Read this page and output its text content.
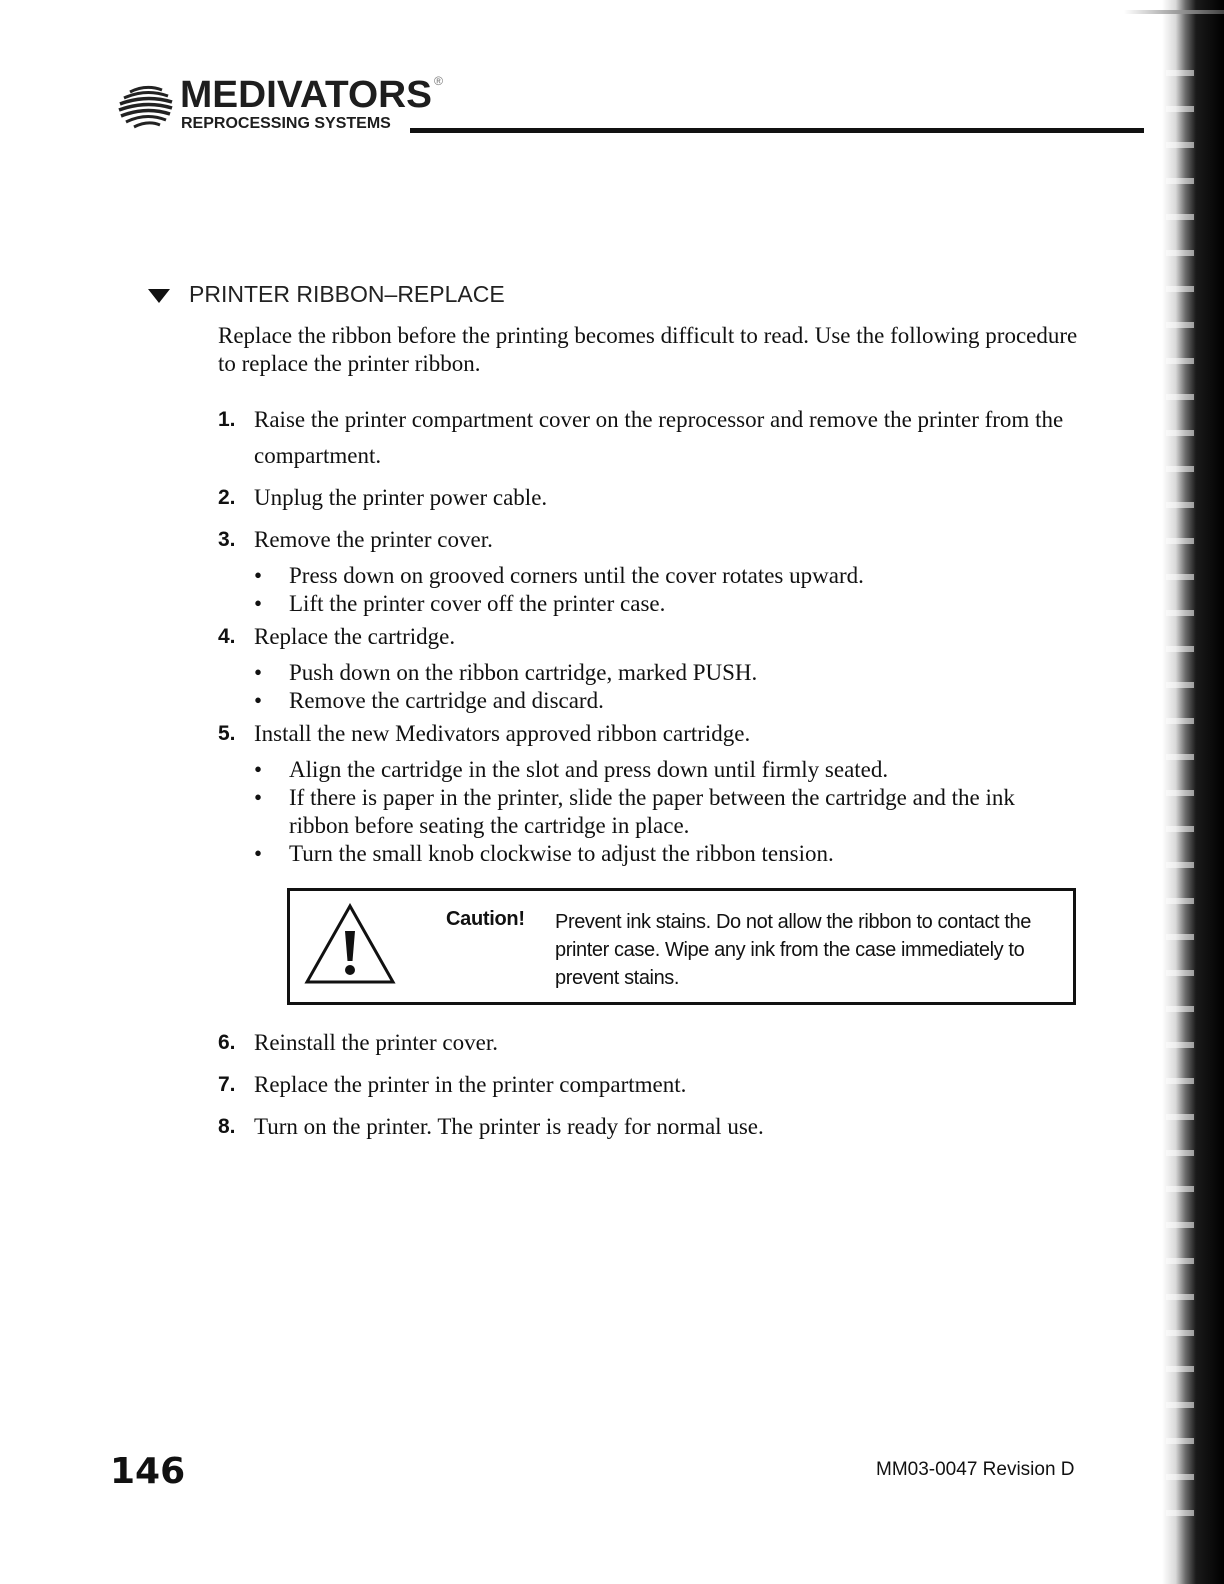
MEDIVATORS ®
REPROCESSING SYSTEMS
PRINTER RIBBON–REPLACE
Replace the ribbon before the printing becomes difficult to read. Use the following procedure to replace the printer ribbon.
1. Raise the printer compartment cover on the reprocessor and remove the printer from the compartment.
2. Unplug the printer power cable.
3. Remove the printer cover.
• Press down on grooved corners until the cover rotates upward.
• Lift the printer cover off the printer case.
4. Replace the cartridge.
• Push down on the ribbon cartridge, marked PUSH.
• Remove the cartridge and discard.
5. Install the new Medivators approved ribbon cartridge.
• Align the cartridge in the slot and press down until firmly seated.
• If there is paper in the printer, slide the paper between the cartridge and the ink ribbon before seating the cartridge in place.
• Turn the small knob clockwise to adjust the ribbon tension.
Caution! Prevent ink stains. Do not allow the ribbon to contact the printer case. Wipe any ink from the case immediately to prevent stains.
6. Reinstall the printer cover.
7. Replace the printer in the printer compartment.
8. Turn on the printer. The printer is ready for normal use.
146	MM03-0047 Revision D
